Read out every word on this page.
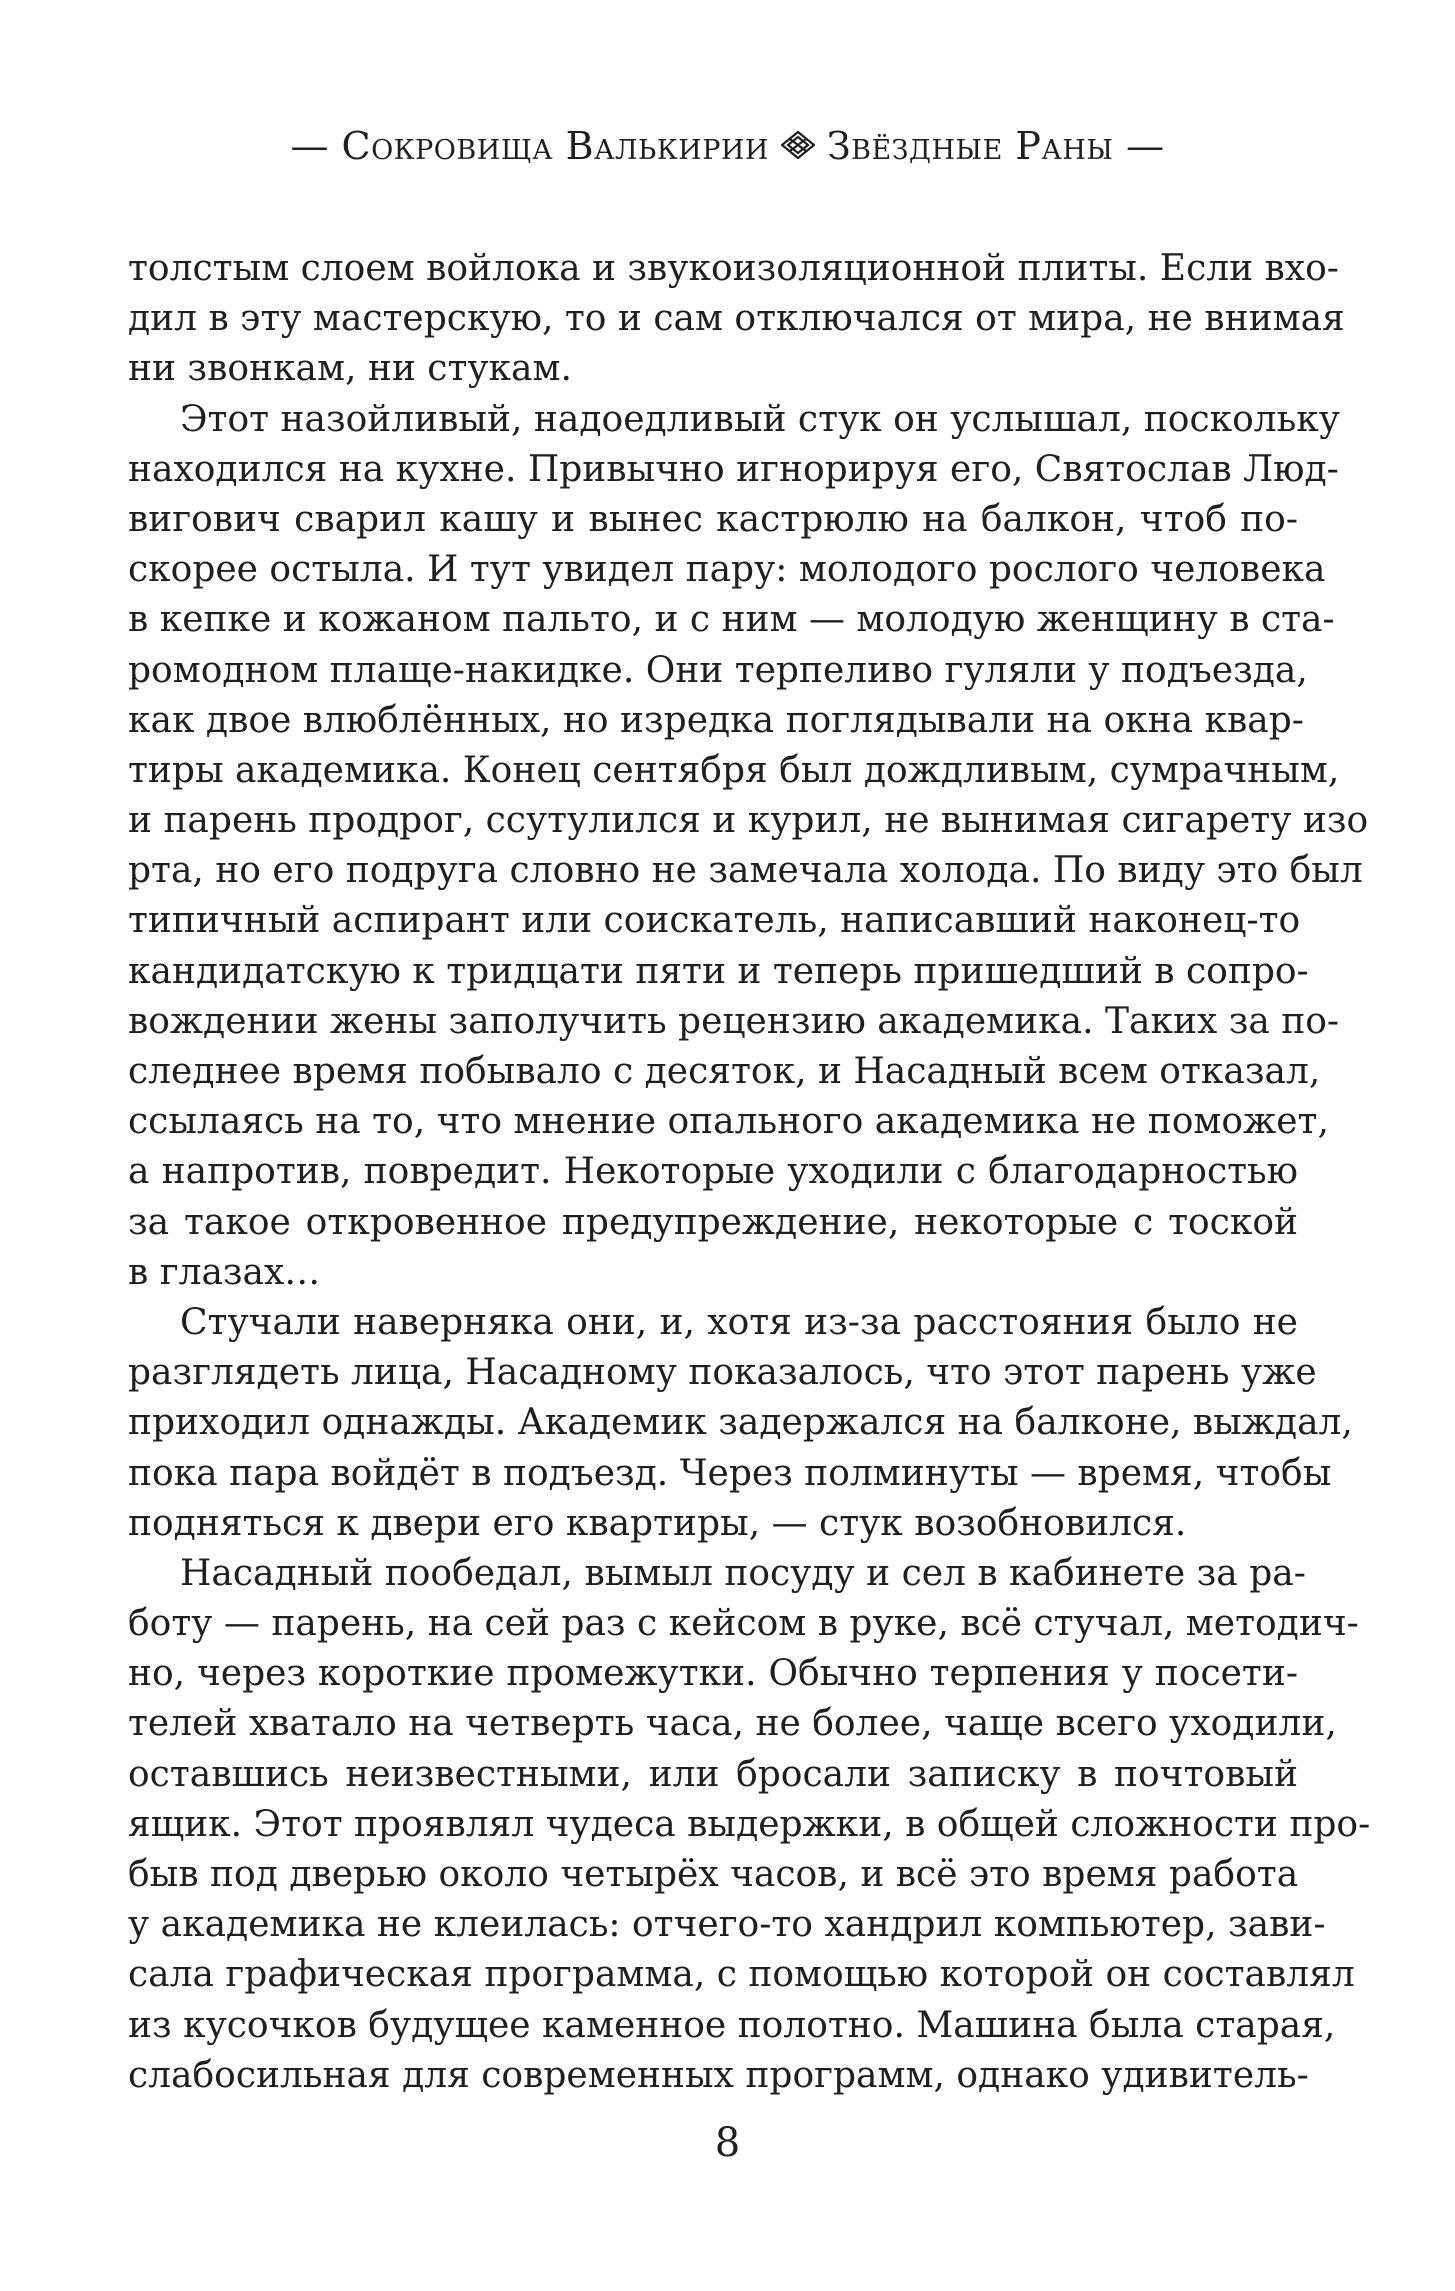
— Сокровища Валькирии Звёздные Раны —
толстым слоем войлока и звукоизоляционной плиты. Если вхо-
дил в эту мастерскую, то и сам отключался от мира, не внимая
ни звонкам, ни стукам.
Этот назойливый, надоедливый стук он услышал, поскольку
находился на кухне. Привычно игнорируя его, Святослав Люд-
вигович сварил кашу и вынес кастрюлю на балкон, чтоб по-
скорее остыла. И тут увидел пару: молодого рослого человека
в кепке и кожаном пальто, и с ним — молодую женщину в ста-
ромодном плаще-накидке. Они терпеливо гуляли у подъезда,
как двое влюблённых, но изредка поглядывали на окна квар-
тиры академика. Конец сентября был дождливым, сумрачным,
и парень продрог, ссутулился и курил, не вынимая сигарету изо
рта, но его подруга словно не замечала холода. По виду это был
типичный аспирант или соискатель, написавший наконец-то
кандидатскую к тридцати пяти и теперь пришедший в сопро-
вождении жены заполучить рецензию академика. Таких за по-
следнее время побывало с десяток, и Насадный всем отказал,
ссылаясь на то, что мнение опального академика не поможет,
а напротив, повредит. Некоторые уходили с благодарностью
за такое откровенное предупреждение, некоторые с тоской
в глазах…
Стучали наверняка они, и, хотя из-за расстояния было не
разглядеть лица, Насадному показалось, что этот парень уже
приходил однажды. Академик задержался на балконе, выждал,
пока пара войдёт в подъезд. Через полминуты — время, чтобы
подняться к двери его квартиры, — стук возобновился.
Насадный пообедал, вымыл посуду и сел в кабинете за ра-
боту — парень, на сей раз с кейсом в руке, всё стучал, методич-
но, через короткие промежутки. Обычно терпения у посети-
телей хватало на четверть часа, не более, чаще всего уходили,
оставшись неизвестными, или бросали записку в почтовый
ящик. Этот проявлял чудеса выдержки, в общей сложности про-
быв под дверью около четырёх часов, и всё это время работа
у академика не клеилась: отчего-то хандрил компьютер, зави-
сала графическая программа, с помощью которой он составлял
из кусочков будущее каменное полотно. Машина была старая,
слабосильная для современных программ, однако удивитель-
8
